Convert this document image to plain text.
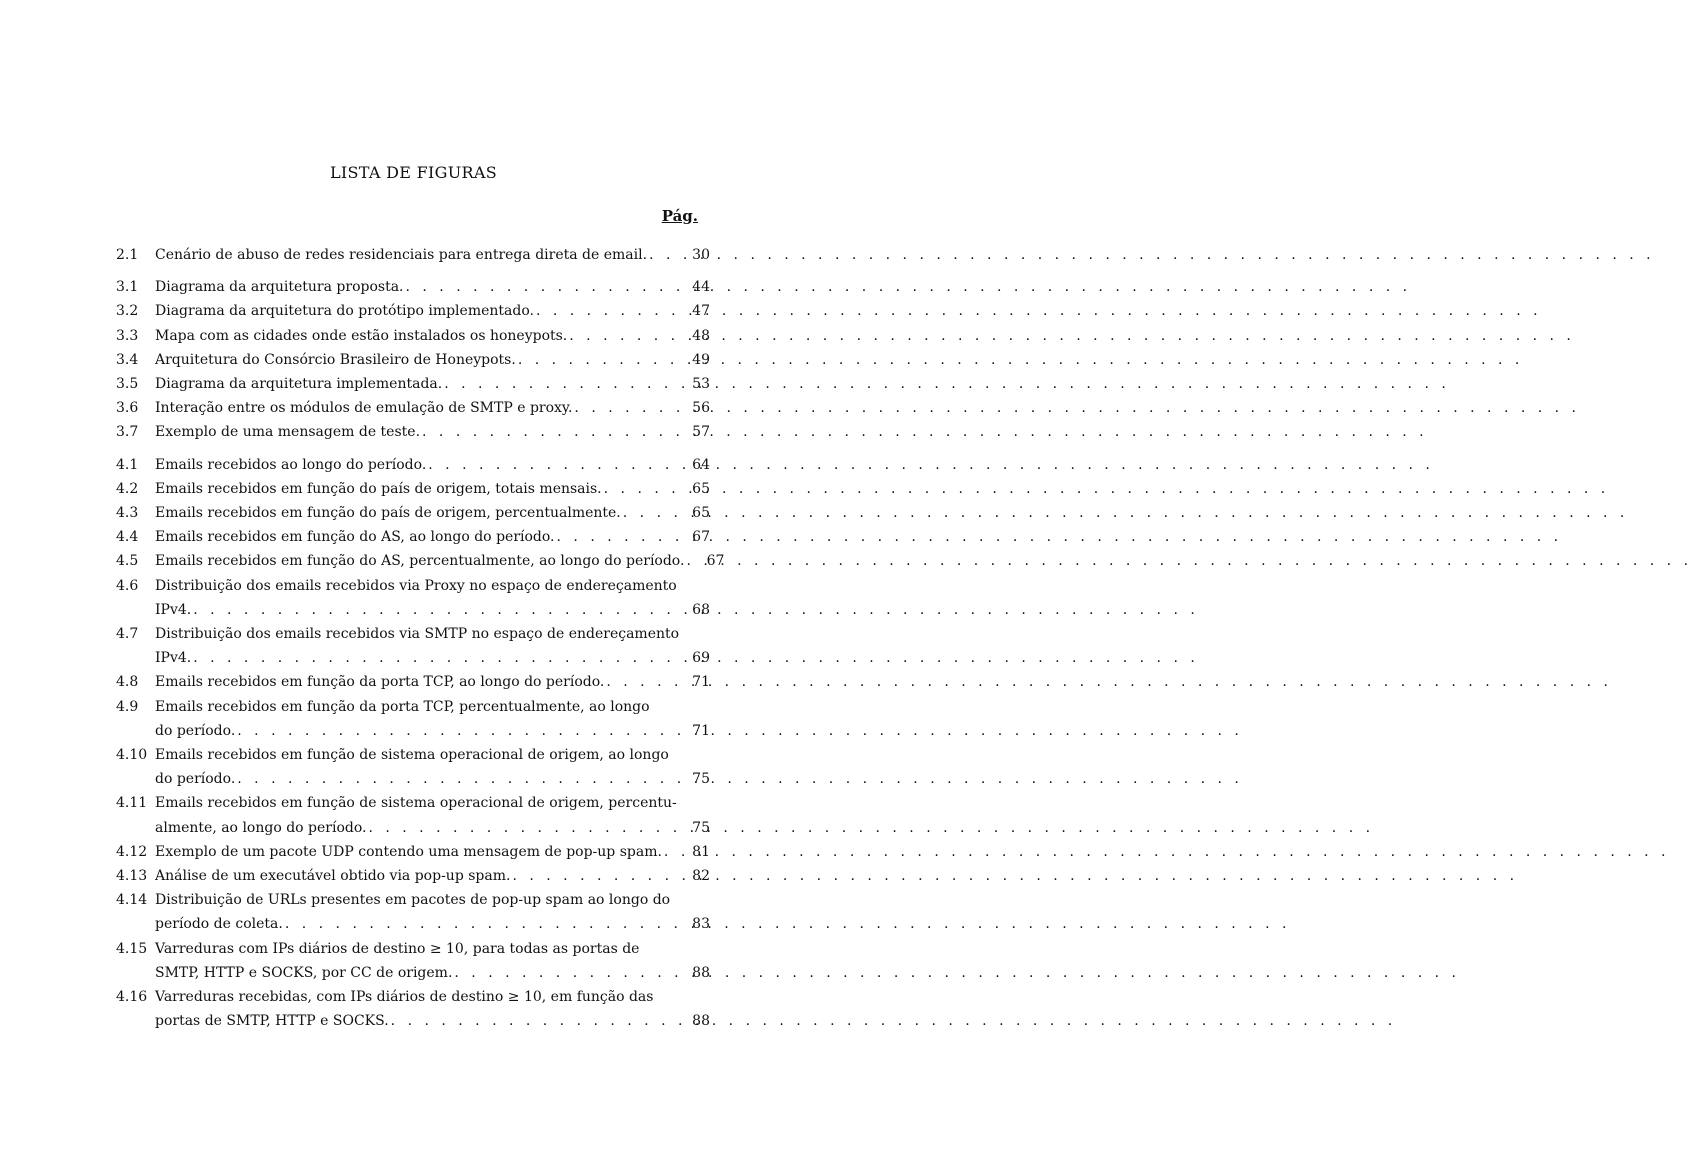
LISTA DE FIGURAS
Pág.
2.1	Cenário de abuso de redes residenciais para entrega direta de email. . . .	30
3.1	Diagrama da arquitetura proposta. . . .	44
3.2	Diagrama da arquitetura do protótipo implementado. . . .	47
3.3	Mapa com as cidades onde estão instalados os honeypots. . . .	48
3.4	Arquitetura do Consórcio Brasileiro de Honeypots. . . .	49
3.5	Diagrama da arquitetura implementada. . . .	53
3.6	Interação entre os módulos de emulação de SMTP e proxy. . . .	56
3.7	Exemplo de uma mensagem de teste. . . .	57
4.1	Emails recebidos ao longo do período. . . .	64
4.2	Emails recebidos em função do país de origem, totais mensais. . . .	65
4.3	Emails recebidos em função do país de origem, percentualmente. . . .	65
4.4	Emails recebidos em função do AS, ao longo do período. . . .	67
4.5	Emails recebidos em função do AS, percentualmente, ao longo do período. . . .	67
4.6	Distribuição dos emails recebidos via Proxy no espaço de endereçamento
IPv4. . . .	68
4.7	Distribuição dos emails recebidos via SMTP no espaço de endereçamento
IPv4. . . .	69
4.8	Emails recebidos em função da porta TCP, ao longo do período. . . .	71
4.9	Emails recebidos em função da porta TCP, percentualmente, ao longo
do período. . . .	71
4.10 Emails recebidos em função de sistema operacional de origem, ao longo
do período. . . .	75
4.11 Emails recebidos em função de sistema operacional de origem, percentu-
almente, ao longo do período. . . .	75
4.12 Exemplo de um pacote UDP contendo uma mensagem de pop-up spam. . . .	81
4.13 Análise de um executável obtido via pop-up spam. . . .	82
4.14 Distribuição de URLs presentes em pacotes de pop-up spam ao longo do
período de coleta. . . .	83
4.15 Varreduras com IPs diários de destino ≥ 10, para todas as portas de
SMTP, HTTP e SOCKS, por CC de origem. . . .	88
4.16 Varreduras recebidas, com IPs diários de destino ≥ 10, em função das
portas de SMTP, HTTP e SOCKS. . . .	88
